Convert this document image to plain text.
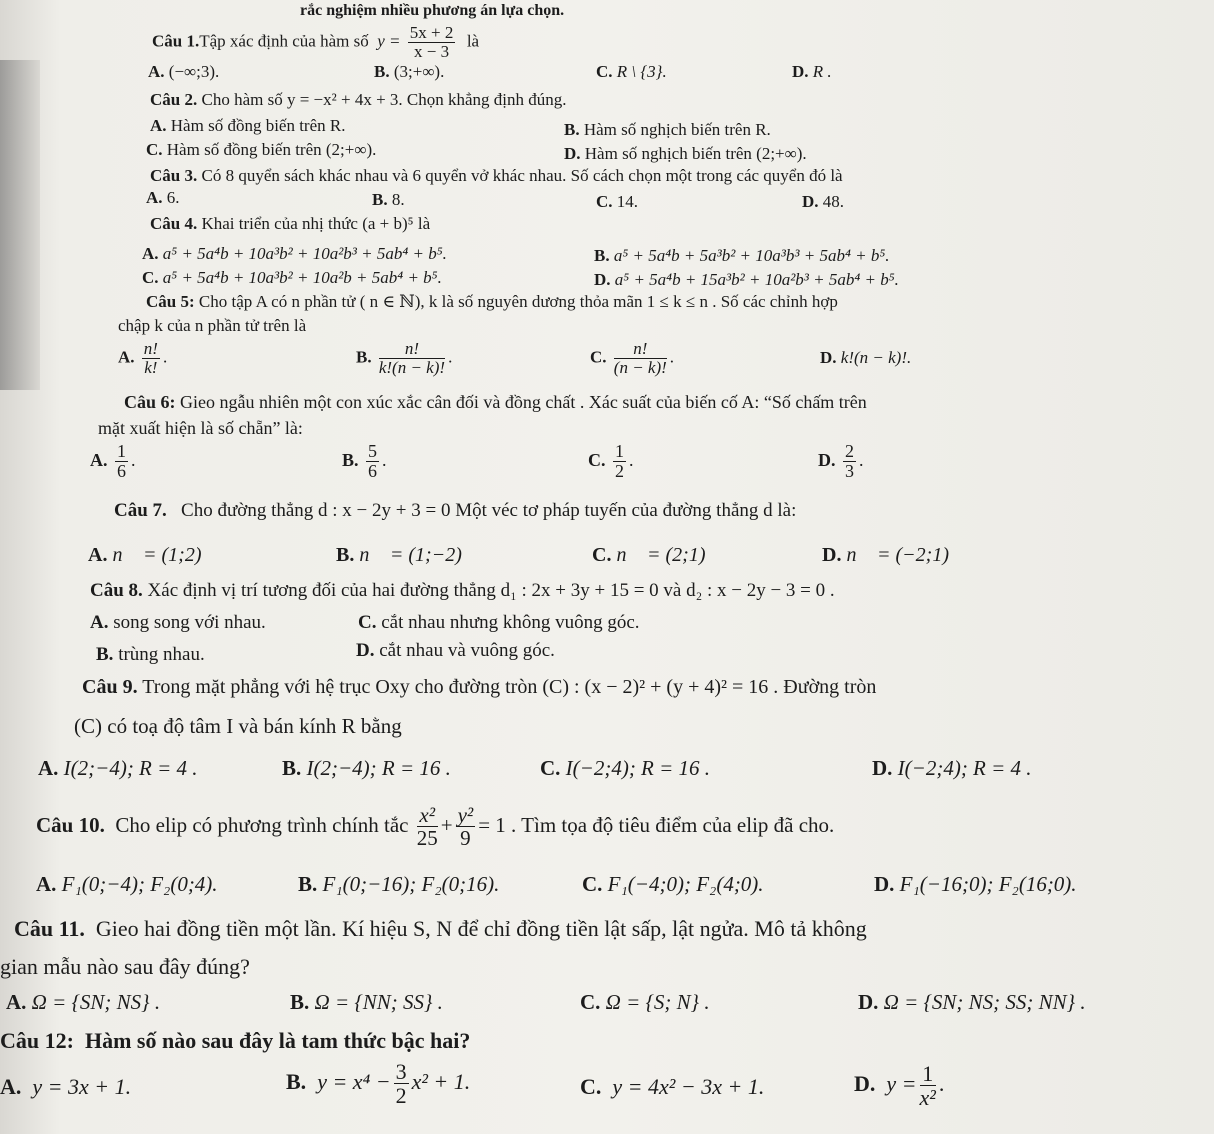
rắc nghiệm nhiều phương án lựa chọn.
Câu 1.Tập xác định của hàm số $y = \frac{5x + 2}{x - 3}$ là
A. (−∞;3).	B. (3;+∞).	C. R \ {3}.	D. R .
Câu 2. Cho hàm số y = −x² + 4x + 3. Chọn khẳng định đúng.
A. Hàm số đồng biến trên R.	B. Hàm số nghịch biến trên R.
C. Hàm số đồng biến trên (2;+∞).	D. Hàm số nghịch biến trên (2;+∞).
Câu 3. Có 8 quyển sách khác nhau và 6 quyển vở khác nhau. Số cách chọn một trong các quyển đó là
A. 6.	B. 8.	C. 14.	D. 48.
Câu 4. Khai triển của nhị thức (a + b)⁵ là
A. a⁵ + 5a⁴b + 10a³b² + 10a²b³ + 5ab⁴ + b⁵.	B. a⁵ + 5a⁴b + 5a³b² + 10a³b³ + 5ab⁴ + b⁵.
C. a⁵ + 5a⁴b + 10a³b² + 10a²b + 5ab⁴ + b⁵.	D. a⁵ + 5a⁴b + 15a³b² + 10a²b³ + 5ab⁴ + b⁵.
Câu 5: Cho tập A có n phần tử ( n ∈ ℕ), k là số nguyên dương thỏa mãn 1 ≤ k ≤ n . Số các chỉnh hợp
chập k của n phần tử trên là
A. $\frac{n!}{k!}$ .	B. $\frac{n!}{k!(n - k)!}$ .	C. $\frac{n!}{(n - k)!}$ .	D. k!(n − k)!.
Câu 6: Gieo ngẫu nhiên một con xúc xắc cân đối và đồng chất . Xác suất của biến cố A: “Số chấm trên
mặt xuất hiện là số chẵn” là:
A. $\frac{1}{6}$ .	B. $\frac{5}{6}$ .	C. $\frac{1}{2}$ .	D. $\frac{2}{3}$ .
Câu 7. Cho đường thẳng d : x − 2y + 3 = 0 Một véc tơ pháp tuyến của đường thẳng d là:
A. n⃗ = (1;2)	B. n⃗ = (1;−2)	C. n⃗ = (2;1)	D. n⃗ = (−2;1)
Câu 8. Xác định vị trí tương đối của hai đường thẳng d₁ : 2x + 3y + 15 = 0 và d₂ : x − 2y − 3 = 0 .
A. song song với nhau.	C. cắt nhau nhưng không vuông góc.
B. trùng nhau.	D. cắt nhau và vuông góc.
Câu 9. Trong mặt phẳng với hệ trục Oxy cho đường tròn (C) : (x − 2)² + (y + 4)² = 16 . Đường tròn
(C) có toạ độ tâm I và bán kính R bằng
A. I(2;−4); R = 4 .	B. I(2;−4); R = 16 .	C. I(−2;4); R = 16 .	D. I(−2;4); R = 4 .
Câu 10. Cho elip có phương trình chính tắc $\frac{\text{x²}}{25} + \frac{\text{y²}}{9} = 1$ . Tìm tọa độ tiêu điểm của elip đã cho.
A. F₁(0;−4); F₂(0;4).	B. F₁(0;−16); F₂(0;16).	C. F₁(−4;0); F₂(4;0).	D. F₁(−16;0); F₂(16;0).
Câu 11. Gieo hai đồng tiền một lần. Kí hiệu S, N để chỉ đồng tiền lật sấp, lật ngửa. Mô tả không
gian mẫu nào sau đây đúng?
A. Ω = {SN; NS} .	B. Ω = {NN; SS} .	C. Ω = {S; N} .	D. Ω = {SN; NS; SS; NN} .
Câu 12: Hàm số nào sau đây là tam thức bậc hai?
A. y = 3x + 1.	B. $y = x^4 - \frac{3}{2} x^2 + 1$.	C. y = 4x² − 3x + 1.	D. $y = \frac{1}{\text{x²}}$ .
